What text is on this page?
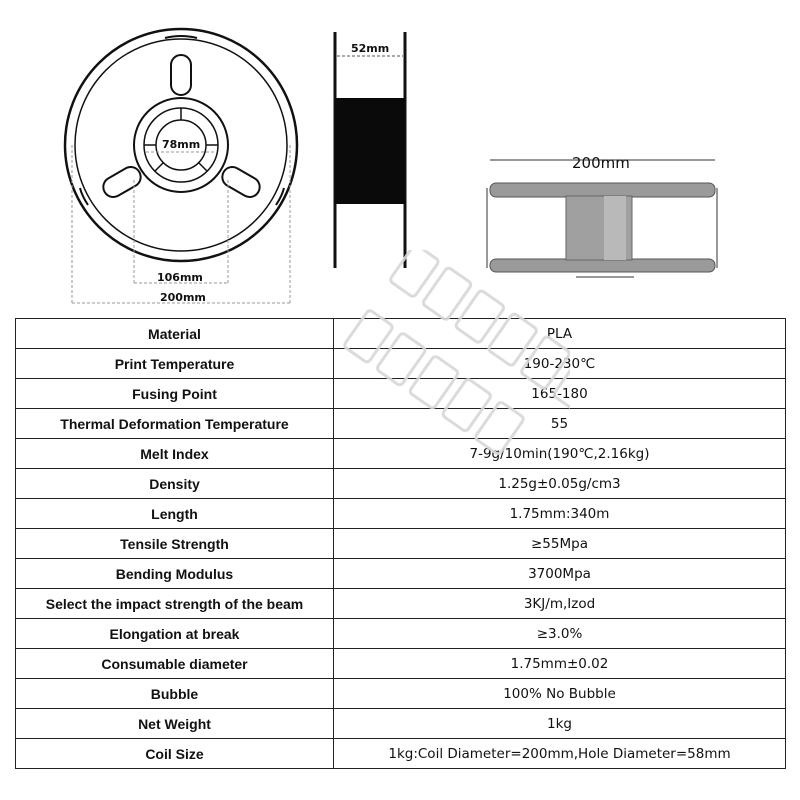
78mm
106mm
200mm
52mm
200mm
Material	PLA
Print Temperature	190-230℃
Fusing Point	165-180
Thermal Deformation Temperature	55
Melt Index	7-9g/10min(190℃,2.16kg)
Density	1.25g±0.05g/cm3
Length	1.75mm:340m
Tensile Strength	≥55Mpa
Bending Modulus	3700Mpa
Select the impact strength of the beam	3KJ/m,Izod
Elongation at break	≥3.0%
Consumable diameter	1.75mm±0.02
Bubble	100% No Bubble
Net Weight	1kg
Coil Size	1kg:Coil Diameter=200mm,Hole Diameter=58mm
